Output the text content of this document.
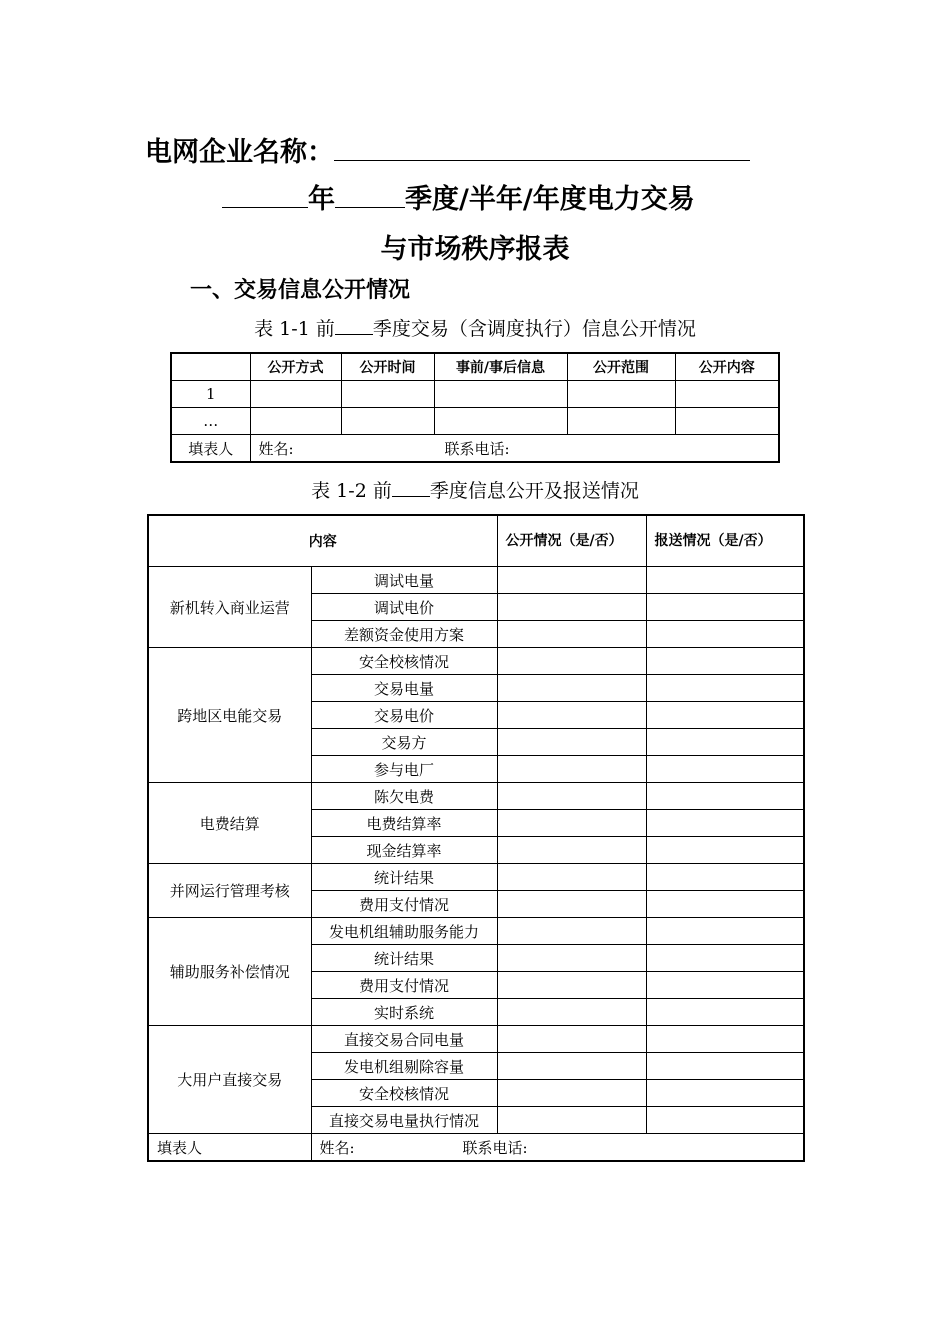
电网企业名称：
年	季度/半年/年度电力交易
与市场秩序报表
一、交易信息公开情况
表 1-1 前 季度交易（含调度执行）信息公开情况
	公开方式	公开时间	事前/事后信息	公开范围	公开内容
1					
…					
填表人	姓名: 联系电话:				
表 1-2 前 季度信息公开及报送情况
内容		公开情况（是/否）	报送情况（是/否）
新机转入商业运营	调试电量		
	调试电价		
	差额资金使用方案		
跨地区电能交易	安全校核情况		
	交易电量		
	交易电价		
	交易方		
	参与电厂		
电费结算	陈欠电费		
	电费结算率		
	现金结算率		
并网运行管理考核	统计结果		
	费用支付情况		
辅助服务补偿情况	发电机组辅助服务能力		
	统计结果		
	费用支付情况		
	实时系统		
大用户直接交易	直接交易合同电量		
	发电机组剔除容量		
	安全校核情况		
	直接交易电量执行情况		
填表人	姓名: 联系电话:		
